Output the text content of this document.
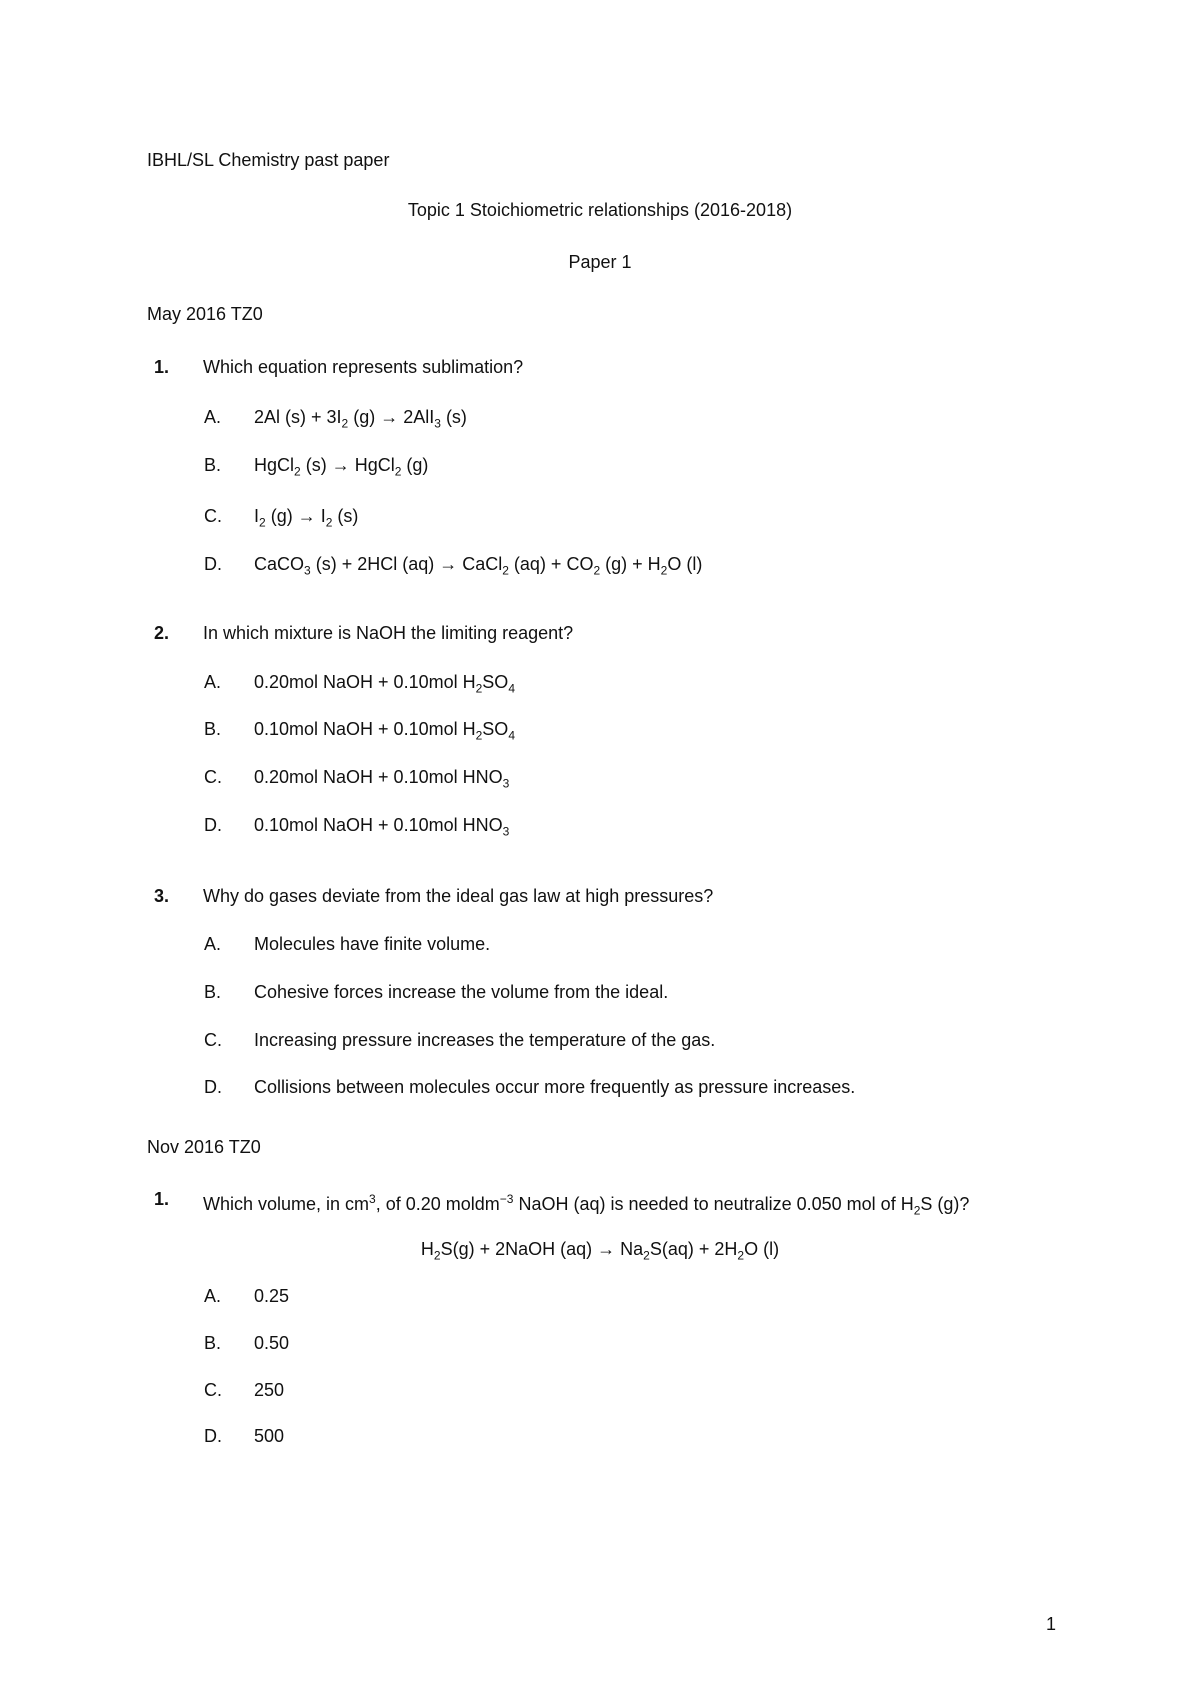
IBHL/SL Chemistry past paper
Topic 1 Stoichiometric relationships (2016-2018)
Paper 1
May 2016 TZ0
1. Which equation represents sublimation?
A. 2Al $(s) + 3I_2$ (g) → 2AlI$_3$ (s)
B. HgCl$_2$ (s) → HgCl$_2$ (g)
C. $I_2$ $(g) \to I_2$ (s)
D. CaCO$_3$ (s) + 2HCl (aq) → CaCl$_2$ $(aq) + CO_2$ $(g) + H_2O$ (l)
2. In which mixture is NaOH the limiting reagent?
A. 0.20mol NaOH + 0.10mol $H_2SO_4$
B. 0.10mol NaOH + 0.10mol $H_2SO_4$
C. 0.20mol NaOH + 0.10mol $HNO_3$
D. 0.10mol NaOH + 0.10mol $HNO_3$
3. Why do gases deviate from the ideal gas law at high pressures?
A. Molecules have finite volume.
B. Cohesive forces increase the volume from the ideal.
C. Increasing pressure increases the temperature of the gas.
D. Collisions between molecules occur more frequently as pressure increases.
Nov 2016 TZ0
1. Which volume, in $cm^3$, of 0.20 moldm$^{-3}$ NaOH (aq) is needed to neutralize 0.050 mol of $H_2S$ (g)?
$H_2S(g)$ + 2NaOH $(aq) \to Na_2S(aq) + 2H_2O$ (l)
A. 0.25
B. 0.50
C. 250
D. 500
1
